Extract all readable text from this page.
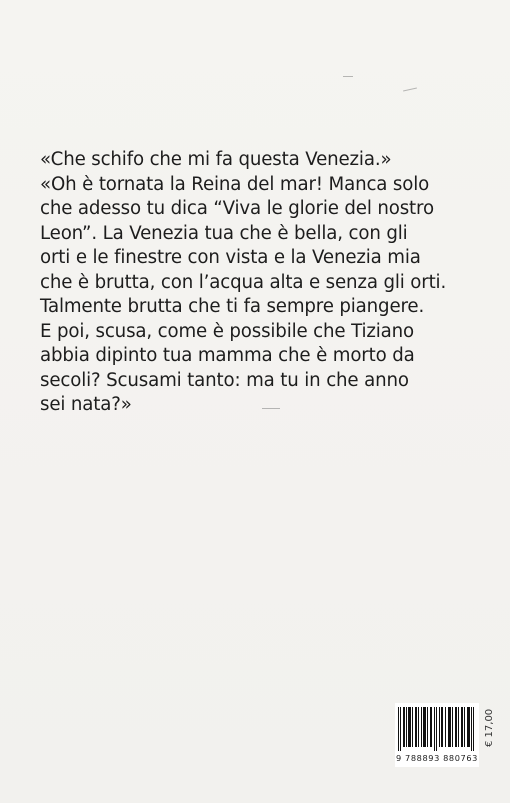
«Che schifo che mi fa questa Venezia.»
«Oh è tornata la Reina del mar! Manca solo
che adesso tu dica “Viva le glorie del nostro
Leon”. La Venezia tua che è bella, con gli
orti e le finestre con vista e la Venezia mia
che è brutta, con l’acqua alta e senza gli orti.
Talmente brutta che ti fa sempre piangere.
E poi, scusa, come è possibile che Tiziano
abbia dipinto tua mamma che è morto da
secoli? Scusami tanto: ma tu in che anno
sei nata?»
9 788893 880763
€ 17,00
